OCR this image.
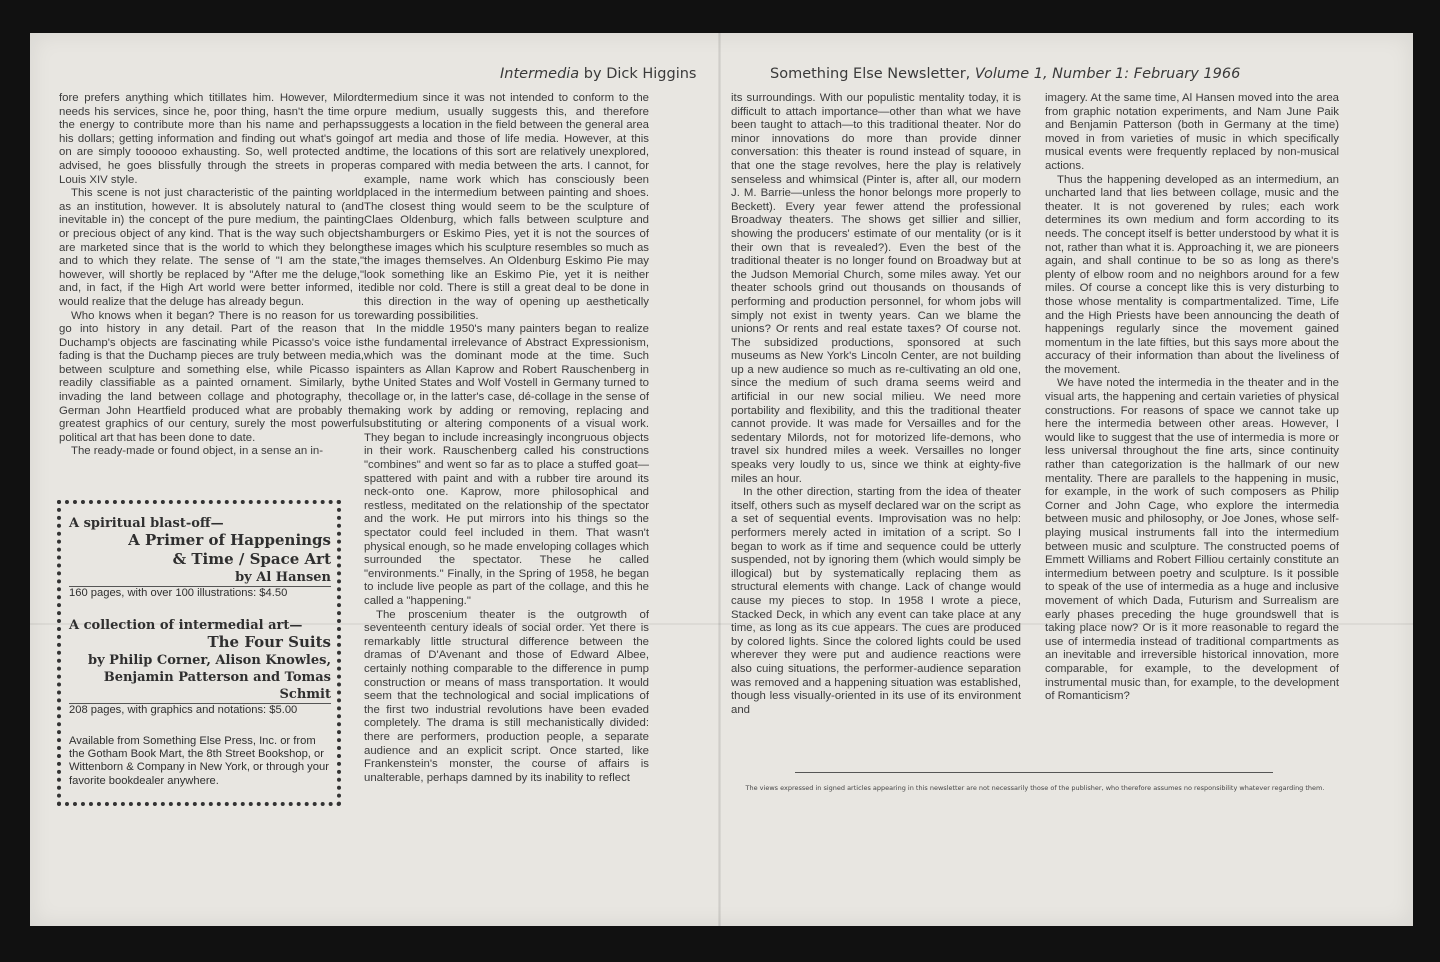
Intermedia by Dick Higgins	Something Else Newsletter, Volume 1, Number 1: February 1966

fore prefers anything which titillates him. However, Milord needs his services, since he, poor thing, hasn't the time or the energy to contribute more than his name and perhaps his dollars; getting information and finding out what's going on are simply toooooo exhausting. So, well protected and advised, he goes blissfully through the streets in proper Louis XIV style.

This scene is not just characteristic of the painting world as an institution, however. It is absolutely natural to (and inevitable in) the concept of the pure medium, the painting or precious object of any kind. That is the way such objects are marketed since that is the world to which they belong and to which they relate. The sense of "I am the state," however, will shortly be replaced by "After me the deluge," and, in fact, if the High Art world were better informed, it would realize that the deluge has already begun.

Who knows when it began? There is no reason for us to go into history in any detail. Part of the reason that Duchamp's objects are fascinating while Picasso's voice is fading is that the Duchamp pieces are truly between media, between sculpture and something else, while Picasso is readily classifiable as a painted ornament. Similarly, by invading the land between collage and photography, the German John Heartfield produced what are probably the greatest graphics of our century, surely the most powerful political art that has been done to date.

The ready-made or found object, in a sense an in-

A spiritual blast-off—
A Primer of Happenings
& Time / Space Art
by Al Hansen
160 pages, with over 100 illustrations: $4.50
A collection of intermedial art—
The Four Suits
by Philip Corner, Alison Knowles,
Benjamin Patterson and Tomas Schmit
208 pages, with graphics and notations: $5.00
Available from Something Else Press, Inc. or from the Gotham Book Mart, the 8th Street Bookshop, or Wittenborn & Company in New York, or through your favorite bookdealer anywhere.

termedium since it was not intended to conform to the pure medium, usually suggests this, and therefore suggests a location in the field between the general area of art media and those of life media. However, at this time, the locations of this sort are relatively unexplored, as compared with media between the arts. I cannot, for example, name work which has consciously been placed in the intermedium between painting and shoes. The closest thing would seem to be the sculpture of Claes Oldenburg, which falls between sculpture and hamburgers or Eskimo Pies, yet it is not the sources of these images which his sculpture resembles so much as the images themselves. An Oldenburg Eskimo Pie may look something like an Eskimo Pie, yet it is neither edible nor cold. There is still a great deal to be done in this direction in the way of opening up aesthetically rewarding possibilities.

In the middle 1950's many painters began to realize the fundamental irrelevance of Abstract Expressionism, which was the dominant mode at the time. Such painters as Allan Kaprow and Robert Rauschenberg in the United States and Wolf Vostell in Germany turned to collage or, in the latter's case, dé-collage in the sense of making work by adding or removing, replacing and substituting or altering components of a visual work. They began to include increasingly incongruous objects in their work. Rauschenberg called his constructions "combines" and went so far as to place a stuffed goat—spattered with paint and with a rubber tire around its neck-onto one. Kaprow, more philosophical and restless, meditated on the relationship of the spectator and the work. He put mirrors into his things so the spectator could feel included in them. That wasn't physical enough, so he made enveloping collages which surrounded the spectator. These he called "environments." Finally, in the Spring of 1958, he began to include live people as part of the collage, and this he called a "happening."

The proscenium theater is the outgrowth of seventeenth century ideals of social order. Yet there is remarkably little structural difference between the dramas of D'Avenant and those of Edward Albee, certainly nothing comparable to the difference in pump construction or means of mass transportation. It would seem that the technological and social implications of the first two industrial revolutions have been evaded completely. The drama is still mechanistically divided: there are performers, production people, a separate audience and an explicit script. Once started, like Frankenstein's monster, the course of affairs is unalterable, perhaps damned by its inability to reflect

its surroundings. With our populistic mentality today, it is difficult to attach importance—other than what we have been taught to attach—to this traditional theater. Nor do minor innovations do more than provide dinner conversation: this theater is round instead of square, in that one the stage revolves, here the play is relatively senseless and whimsical (Pinter is, after all, our modern J. M. Barrie—unless the honor belongs more properly to Beckett). Every year fewer attend the professional Broadway theaters. The shows get sillier and sillier, showing the producers' estimate of our mentality (or is it their own that is revealed?). Even the best of the traditional theater is no longer found on Broadway but at the Judson Memorial Church, some miles away. Yet our theater schools grind out thousands on thousands of performing and production personnel, for whom jobs will simply not exist in twenty years. Can we blame the unions? Or rents and real estate taxes? Of course not. The subsidized productions, sponsored at such museums as New York's Lincoln Center, are not building up a new audience so much as re-cultivating an old one, since the medium of such drama seems weird and artificial in our new social milieu. We need more portability and flexibility, and this the traditional theater cannot provide. It was made for Versailles and for the sedentary Milords, not for motorized life-demons, who travel six hundred miles a week. Versailles no longer speaks very loudly to us, since we think at eighty-five miles an hour.

In the other direction, starting from the idea of theater itself, others such as myself declared war on the script as a set of sequential events. Improvisation was no help: performers merely acted in imitation of a script. So I began to work as if time and sequence could be utterly suspended, not by ignoring them (which would simply be illogical) but by systematically replacing them as structural elements with change. Lack of change would cause my pieces to stop. In 1958 I wrote a piece, Stacked Deck, in which any event can take place at any time, as long as its cue appears. The cues are produced by colored lights. Since the colored lights could be used wherever they were put and audience reactions were also cuing situations, the performer-audience separation was removed and a happening situation was established, though less visually-oriented in its use of its environment and

imagery. At the same time, Al Hansen moved into the area from graphic notation experiments, and Nam June Paik and Benjamin Patterson (both in Germany at the time) moved in from varieties of music in which specifically musical events were frequently replaced by non-musical actions.

Thus the happening developed as an intermedium, an uncharted land that lies between collage, music and the theater. It is not goverened by rules; each work determines its own medium and form according to its needs. The concept itself is better understood by what it is not, rather than what it is. Approaching it, we are pioneers again, and shall continue to be so as long as there's plenty of elbow room and no neighbors around for a few miles. Of course a concept like this is very disturbing to those whose mentality is compartmentalized. Time, Life and the High Priests have been announcing the death of happenings regularly since the movement gained momentum in the late fifties, but this says more about the accuracy of their information than about the liveliness of the movement.

We have noted the intermedia in the theater and in the visual arts, the happening and certain varieties of physical constructions. For reasons of space we cannot take up here the intermedia between other areas. However, I would like to suggest that the use of intermedia is more or less universal throughout the fine arts, since continuity rather than categorization is the hallmark of our new mentality. There are parallels to the happening in music, for example, in the work of such composers as Philip Corner and John Cage, who explore the intermedia between music and philosophy, or Joe Jones, whose self-playing musical instruments fall into the intermedium between music and sculpture. The constructed poems of Emmett Williams and Robert Filliou certainly constitute an intermedium between poetry and sculpture. Is it possible to speak of the use of intermedia as a huge and inclusive movement of which Dada, Futurism and Surrealism are early phases preceding the huge groundswell that is taking place now? Or is it more reasonable to regard the use of intermedia instead of traditional compartments as an inevitable and irreversible historical innovation, more comparable, for example, to the development of instrumental music than, for example, to the development of Romanticism?

The views expressed in signed articles appearing in this newsletter are not necessarily those of the publisher, who therefore assumes no responsibility whatever regarding them.
